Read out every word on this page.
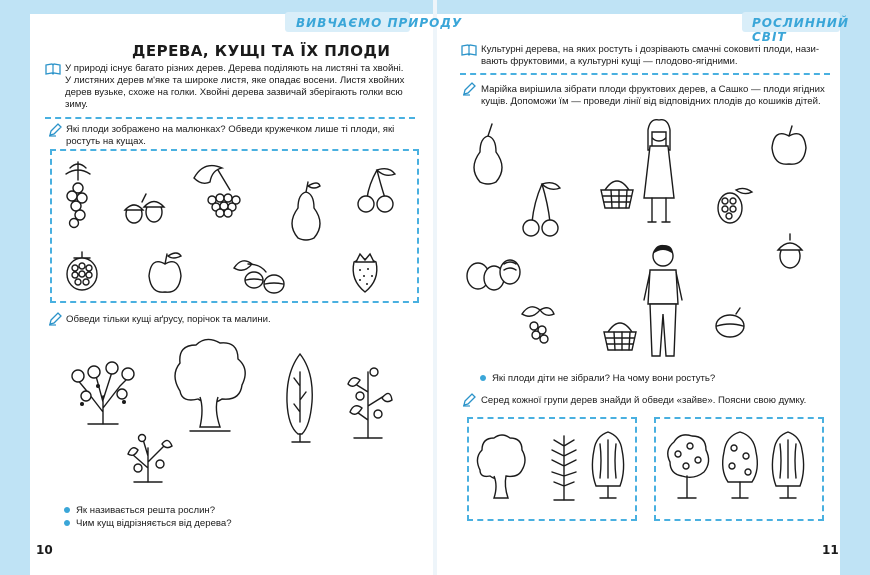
ВИВЧАЄМО ПРИРОДУ	РОСЛИННИЙ СВІТ
ДЕРЕВА, КУЩІ ТА ЇХ ПЛОДИ
У природі існує багато різних дерев. Дерева поділяють на листяні та хвойні.
У листяних дерев м'яке та широке листя, яке опадає восени. Листя хвойних
дерев вузьке, схоже на голки. Хвойні дерева зазвичай зберігають голки всю
зиму.
Які плоди зображено на малюнках? Обведи кружечком лише ті плоди, які
ростуть на кущах.
Обведи тільки кущі аґрусу, порічок та малини.
Як називається решта рослин?
Чим кущ відрізняється від дерева?
10
Культурні дерева, на яких ростуть і дозрівають смачні соковиті плоди, нази-
вають фруктовими, а культурні кущі — плодово-ягідними.
Марійка вирішила зібрати плоди фруктових дерев, а Сашко — плоди ягідних
кущів. Допоможи їм — проведи лінії від відповідних плодів до кошиків дітей.
Які плоди діти не зібрали? На чому вони ростуть?
Серед кожної групи дерев знайди й обведи «зайве». Поясни свою думку.
11
